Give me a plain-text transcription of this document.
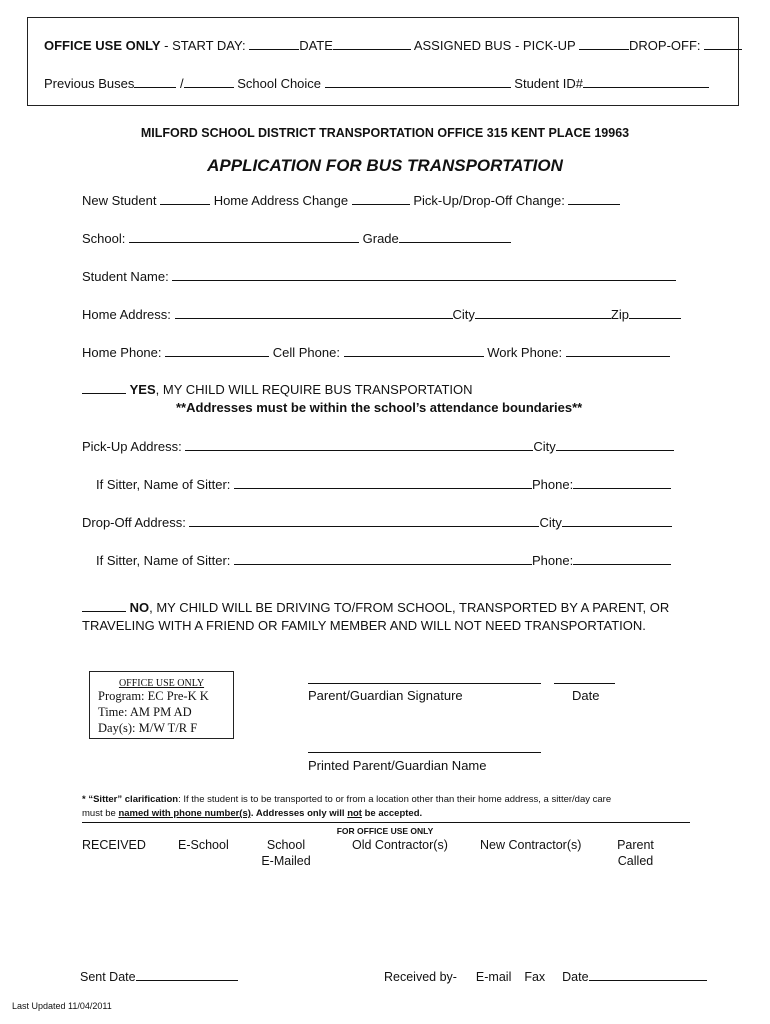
OFFICE USE ONLY - START DAY:	DATE	ASSIGNED BUS - PICK-UP	DROP-OFF:
Previous Buses	/	School Choice	Student ID#
MILFORD SCHOOL DISTRICT TRANSPORTATION OFFICE 315 KENT PLACE 19963
APPLICATION FOR BUS TRANSPORTATION
New Student	Home Address Change	Pick-Up/Drop-Off Change:
School:	Grade
Student Name:
Home Address:	City	Zip
Home Phone:	Cell Phone:	Work Phone:
YES, MY CHILD WILL REQUIRE BUS TRANSPORTATION
**Addresses must be within the school’s attendance boundaries**
Pick-Up Address:	City
If Sitter, Name of Sitter:	Phone:
Drop-Off Address:	City
If Sitter, Name of Sitter:	Phone:
NO, MY CHILD WILL BE DRIVING TO/FROM SCHOOL, TRANSPORTED BY A PARENT, OR
TRAVELING WITH A FRIEND OR FAMILY MEMBER AND WILL NOT NEED TRANSPORTATION.
OFFICE USE ONLY
Program: EC Pre-K K
Time: AM PM AD
Day(s): M/W T/R F
Parent/Guardian Signature	Date
Printed Parent/Guardian Name
* “Sitter” clarification: If the student is to be transported to or from a location other than their home address, a sitter/day care
must be named with phone number(s). Addresses only will not be accepted.
FOR OFFICE USE ONLY
RECEIVED	E-School	School
E-Mailed
Old Contractor(s)	New Contractor(s)	Parent
Called
Sent Date	Received by- E-mail Fax Date
Last Updated 11/04/2011
